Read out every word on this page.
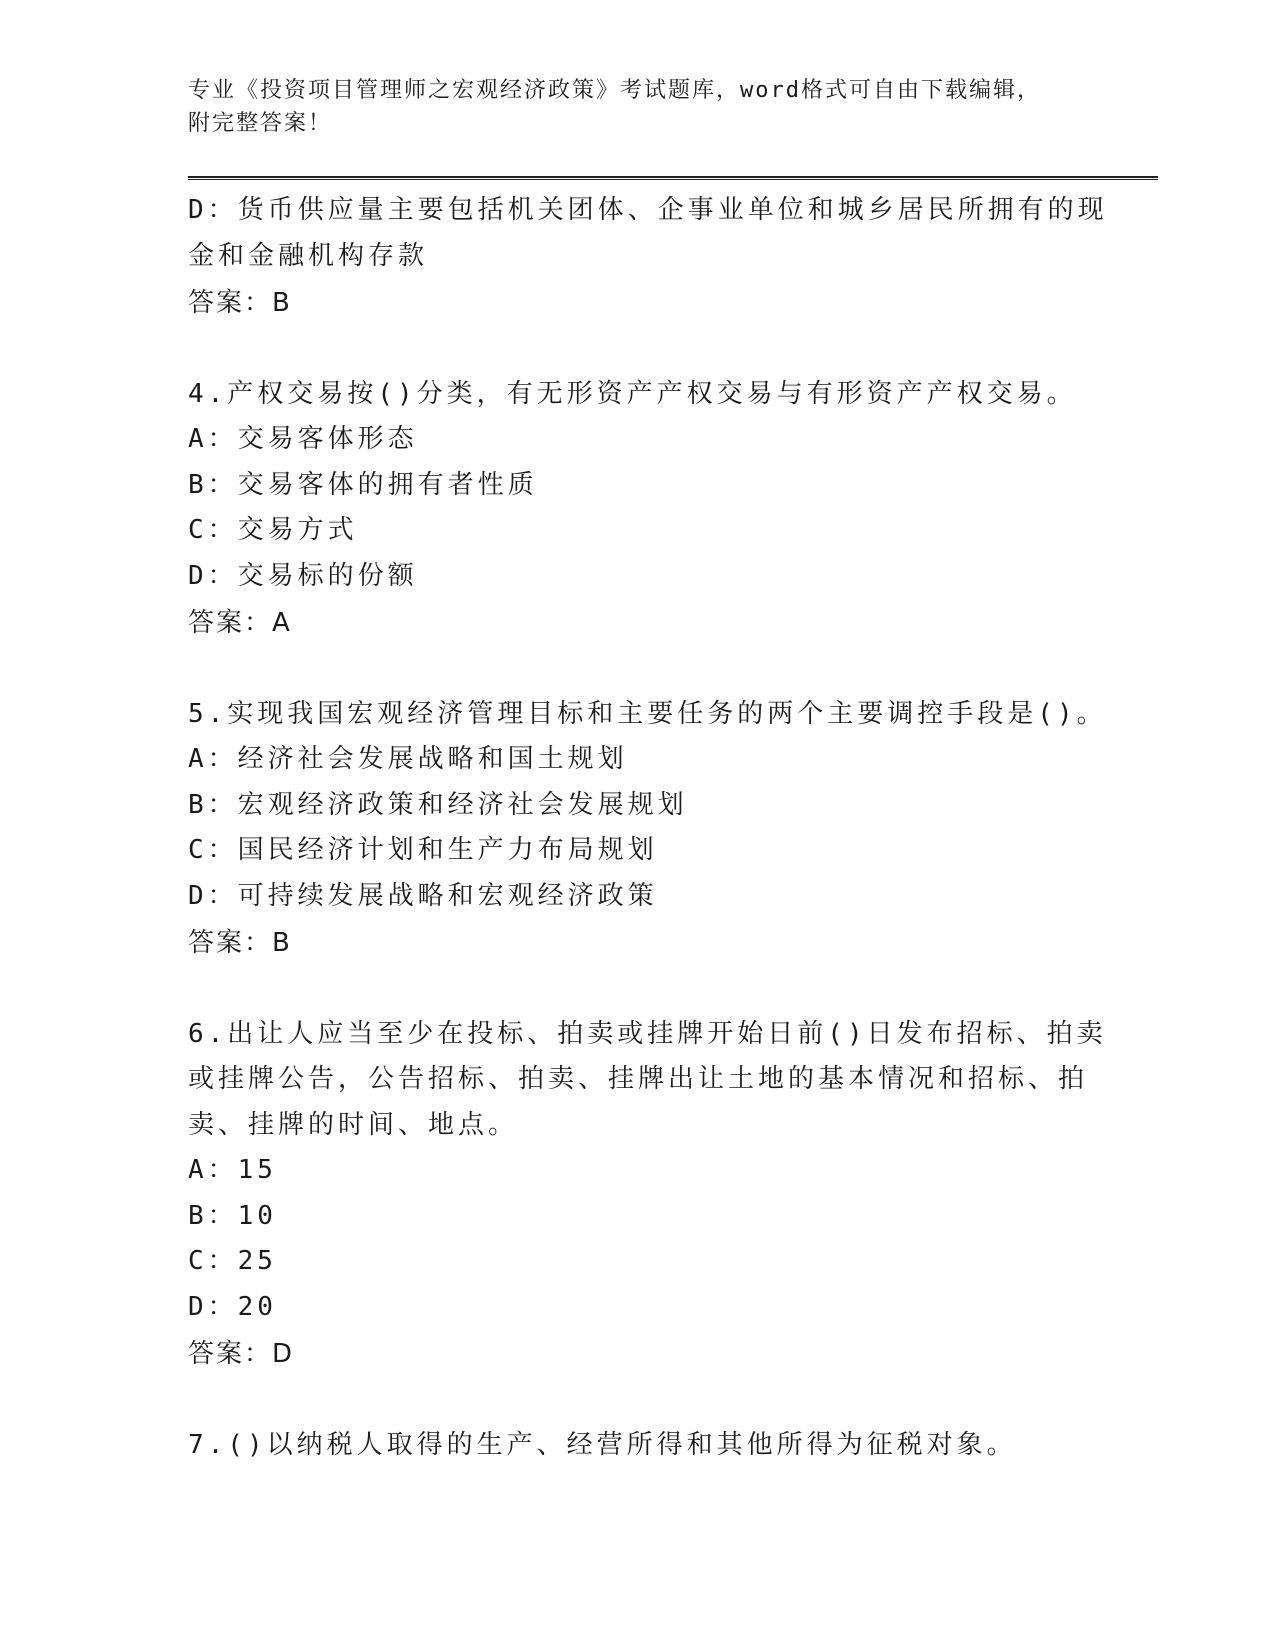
专业《投资项目管理师之宏观经济政策》考试题库，word格式可自由下载编辑，
附完整答案！
D：货币供应量主要包括机关团体、企事业单位和城乡居民所拥有的现
金和金融机构存款
答案：B
4.产权交易按()分类，有无形资产产权交易与有形资产产权交易。
A：交易客体形态
B：交易客体的拥有者性质
C：交易方式
D：交易标的份额
答案：A
5.实现我国宏观经济管理目标和主要任务的两个主要调控手段是()。
A：经济社会发展战略和国土规划
B：宏观经济政策和经济社会发展规划
C：国民经济计划和生产力布局规划
D：可持续发展战略和宏观经济政策
答案：B
6.出让人应当至少在投标、拍卖或挂牌开始日前()日发布招标、拍卖
或挂牌公告，公告招标、拍卖、挂牌出让土地的基本情况和招标、拍
卖、挂牌的时间、地点。
A：15
B：10
C：25
D：20
答案：D
7.()以纳税人取得的生产、经营所得和其他所得为征税对象。
